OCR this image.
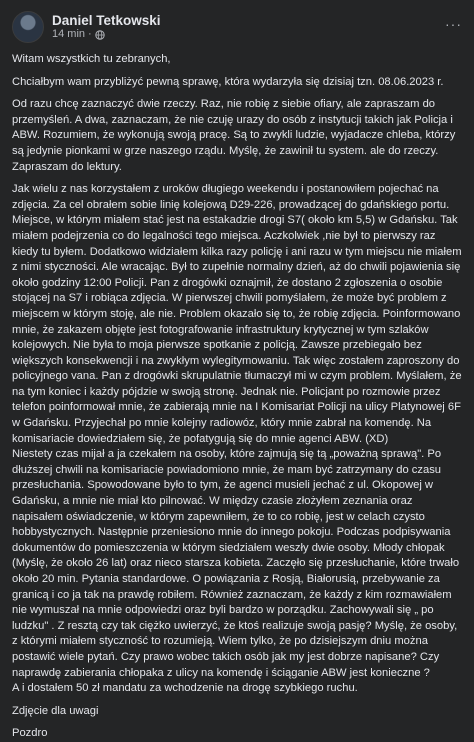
···
Daniel Tetkowski
14 min ·

Witam wszystkich tu zebranych,

Chciałbym wam przybliżyć pewną sprawę, która wydarzyła się dzisiaj tzn. 08.06.2023 r.

Od razu chcę zaznaczyć dwie rzeczy. Raz, nie robię z siebie ofiary, ale zapraszam do przemyśleń. A dwa, zaznaczam, że nie czuję urazy do osób z instytucji takich jak Policja i ABW. Rozumiem, że wykonują swoją pracę. Są to zwykli ludzie, wyjadacze chleba, którzy są jedynie pionkami w grze naszego rządu. Myślę, że zawinił tu system. ale do rzeczy. Zapraszam do lektury.

Jak wielu z nas korzystałem z uroków długiego weekendu i postanowiłem pojechać na zdjęcia. Za cel obrałem sobie linię kolejową D29-226, prowadzącej do gdańskiego portu. Miejsce, w którym miałem stać jest na estakadzie drogi S7( około km 5,5) w Gdańsku. Tak miałem podejrzenia co do legalności tego miejsca. Aczkolwiek ,nie był to pierwszy raz kiedy tu byłem. Dodatkowo widziałem kilka razy policję i ani razu w tym miejscu nie miałem z nimi styczności. Ale wracając. Był to zupełnie normalny dzień, aż do chwili pojawienia się około godziny 12:00 Policji. Pan z drogówki oznajmił, że dostano 2 zgłoszenia o osobie stojącej na S7 i robiąca zdjęcia. W pierwszej chwili pomyślałem, że może być problem z miejscem w którym stoję, ale nie. Problem okazało się to, że robię zdjęcia. Poinformowano mnie, że zakazem objęte jest fotografowanie infrastruktury krytycznej w tym szlaków kolejowych. Nie była to moja pierwsze spotkanie z policją. Zawsze przebiegało bez większych konsekwencji i na zwykłym wylegitymowaniu. Tak więc zostałem zaproszony do policyjnego vana. Pan z drogówki skrupulatnie tłumaczył mi w czym problem. Myślałem, że na tym koniec i każdy pójdzie w swoją stronę. Jednak nie. Policjant po rozmowie przez telefon poinformował mnie, że zabierają mnie na I Komisariat Policji na ulicy Platynowej 6F w Gdańsku. Przyjechał po mnie kolejny radiowóz, który mnie zabrał na komendę. Na komisariacie dowiedziałem się, że pofatygują się do mnie agenci ABW. (XD)

Niestety czas mijał a ja czekałem na osoby, które zajmują się tą „poważną sprawą". Po dłuższej chwili na komisariacie powiadomiono mnie, że mam być zatrzymany do czasu przesłuchania. Spowodowane było to tym, że agenci musieli jechać z ul. Okopowej w Gdańsku, a mnie nie miał kto pilnować. W między czasie złożyłem zeznania oraz napisałem oświadczenie, w którym zapewniłem, że to co robię, jest w celach czysto hobbystycznych. Następnie przeniesiono mnie do innego pokoju. Podczas podpisywania dokumentów do pomieszczenia w którym siedziałem weszły dwie osoby. Młody chłopak (Myślę, że około 26 lat) oraz nieco starsza kobieta. Zaczęło się przesłuchanie, które trwało około 20 min. Pytania standardowe. O powiązania z Rosją, Białorusią, przebywanie za granicą i co ja tak na prawdę robiłem. Również zaznaczam, że każdy z kim rozmawiałem nie wymuszał na mnie odpowiedzi oraz byli bardzo w porządku. Zachowywali się „ po ludzku" . Z resztą czy tak ciężko uwierzyć, że ktoś realizuje swoją pasję? Myślę, że osoby, z którymi miałem styczność to rozumieją. Wiem tylko, że po dzisiejszym dniu można postawić wiele pytań. Czy prawo wobec takich osób jak my jest dobrze napisane? Czy naprawdę zabierania chłopaka z ulicy na komendę i ściąganie ABW jest konieczne ?

A i dostałem 50 zł mandatu za wchodzenie na drogę szybkiego ruchu.

Zdjęcie dla uwagi

Pozdro
